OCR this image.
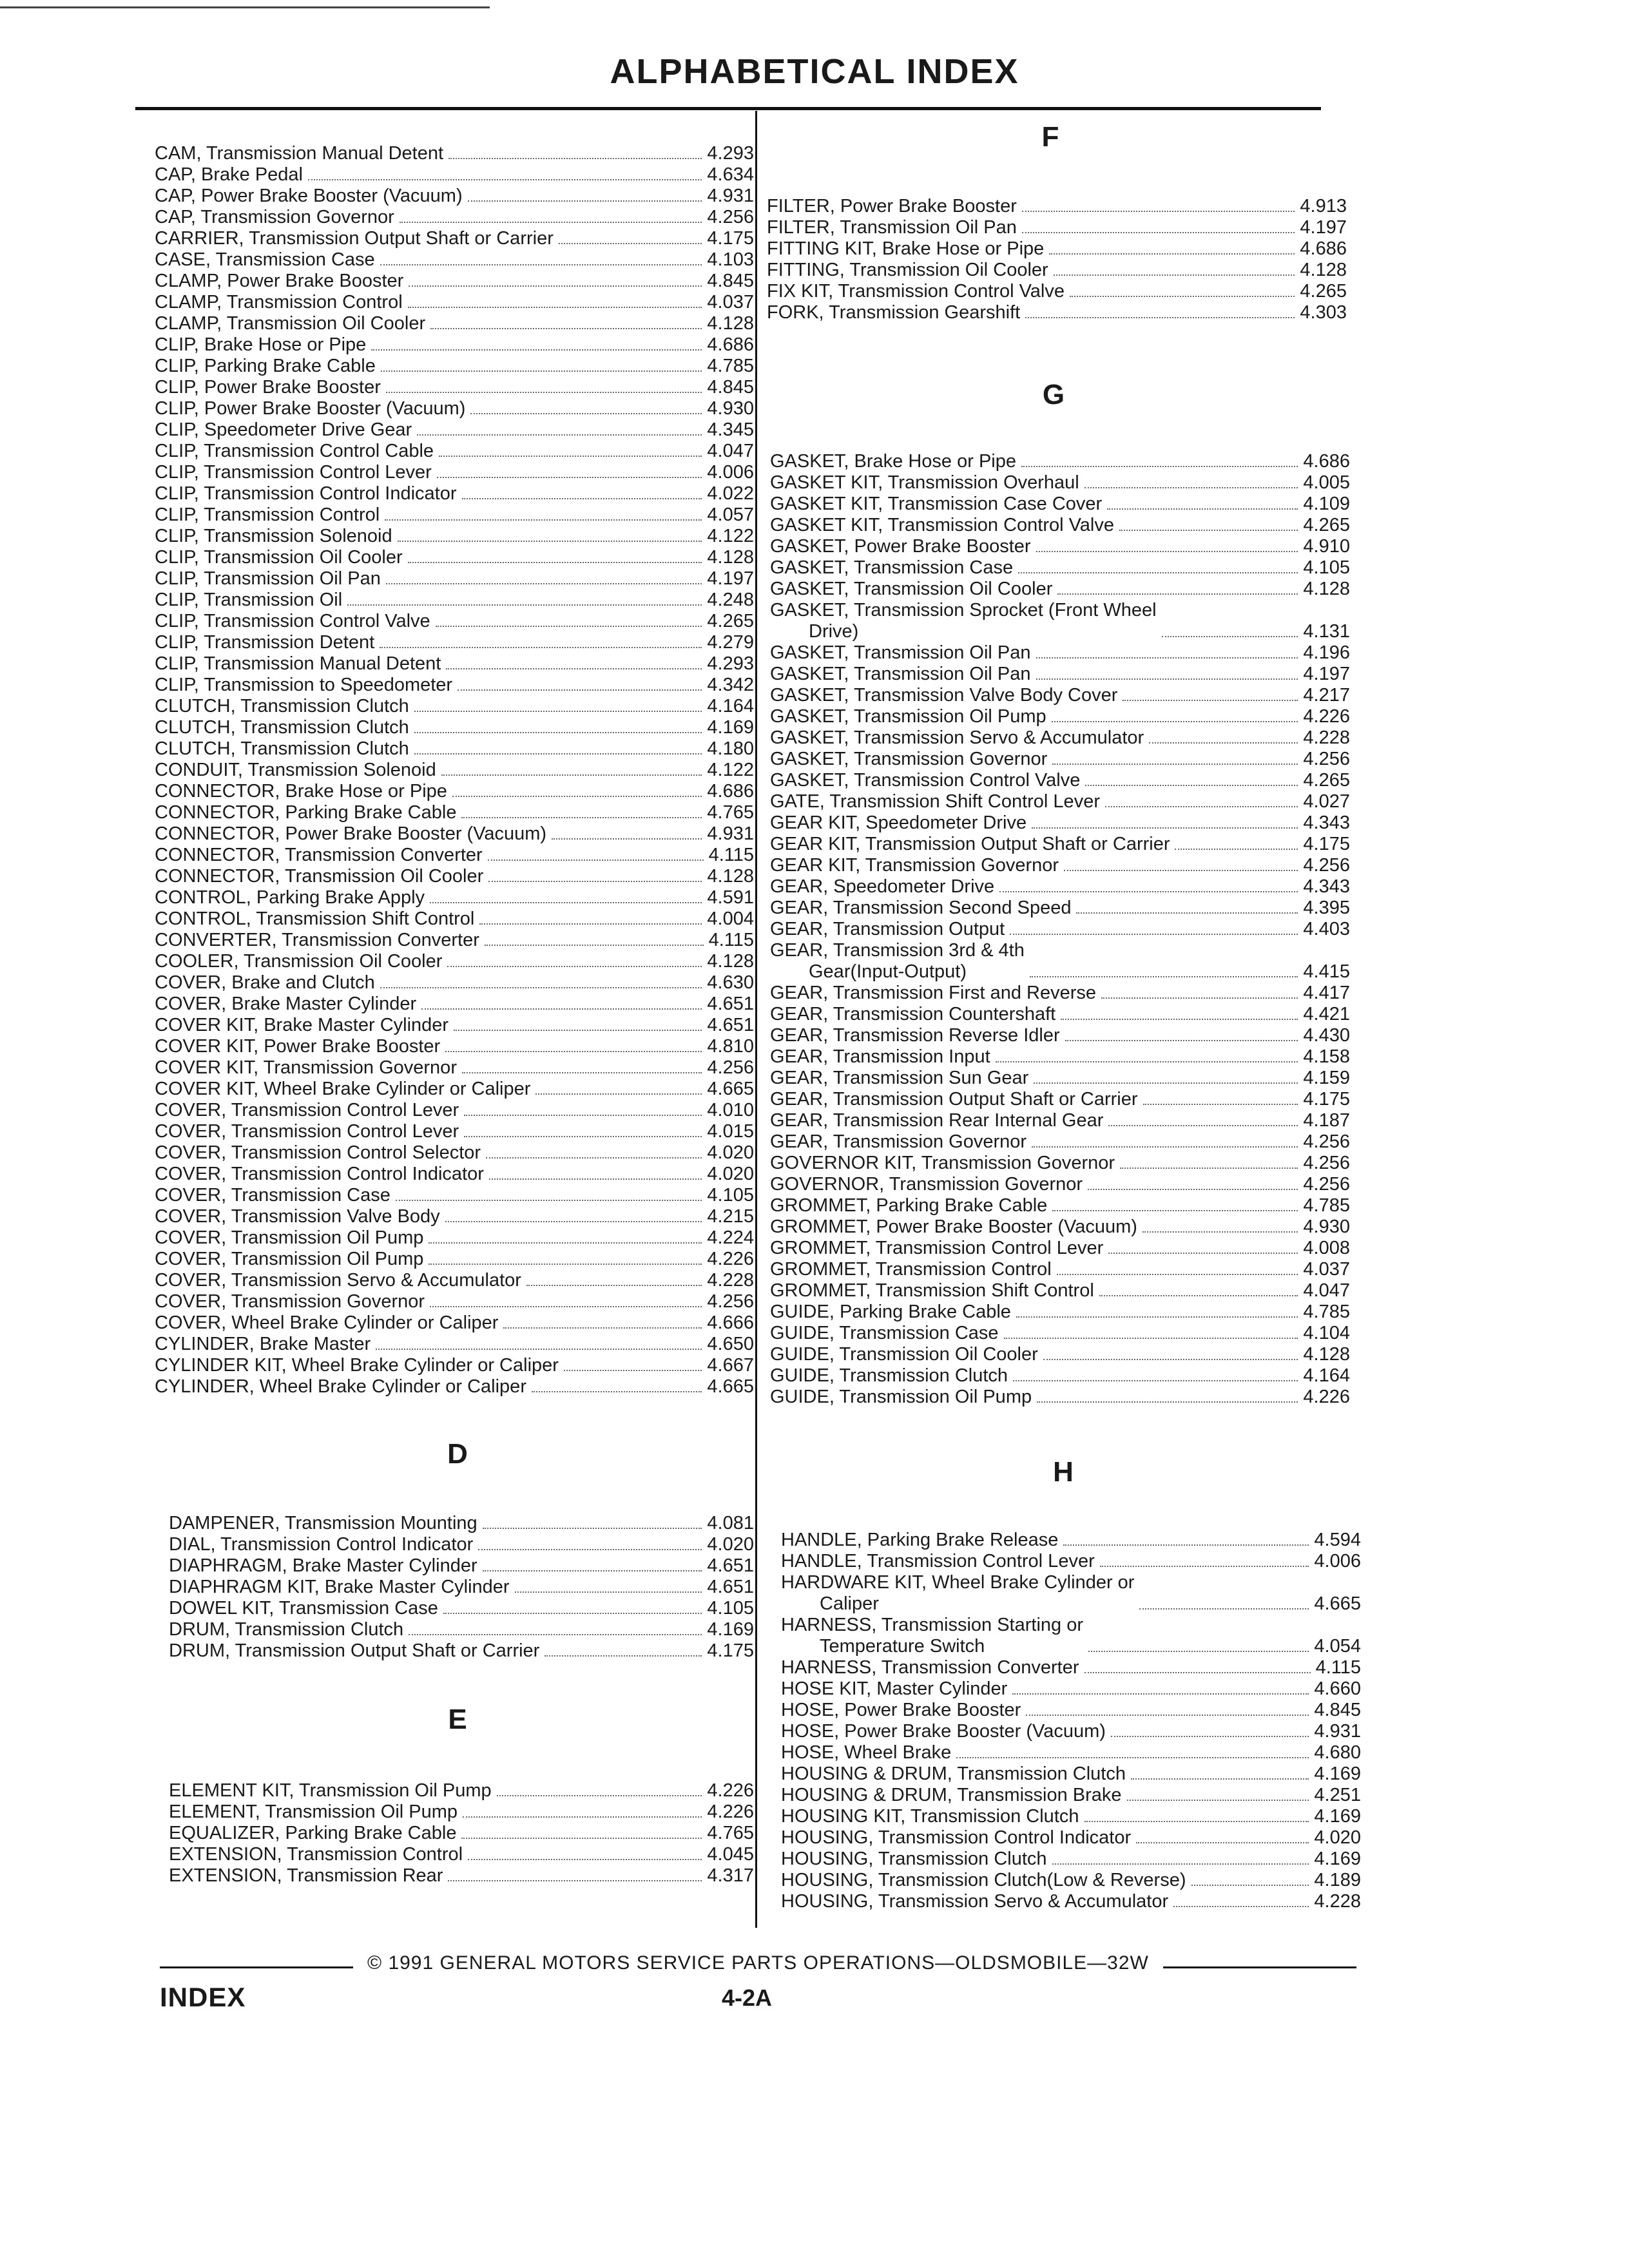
ALPHABETICAL INDEX
CAM, Transmission Manual Detent	4.293
CAP, Brake Pedal	4.634
CAP, Power Brake Booster (Vacuum)	4.931
CAP, Transmission Governor	4.256
CARRIER, Transmission Output Shaft or Carrier	4.175
CASE, Transmission Case	4.103
CLAMP, Power Brake Booster	4.845
CLAMP, Transmission Control	4.037
CLAMP, Transmission Oil Cooler	4.128
CLIP, Brake Hose or Pipe	4.686
CLIP, Parking Brake Cable	4.785
CLIP, Power Brake Booster	4.845
CLIP, Power Brake Booster (Vacuum)	4.930
CLIP, Speedometer Drive Gear	4.345
CLIP, Transmission Control Cable	4.047
CLIP, Transmission Control Lever	4.006
CLIP, Transmission Control Indicator	4.022
CLIP, Transmission Control	4.057
CLIP, Transmission Solenoid	4.122
CLIP, Transmission Oil Cooler	4.128
CLIP, Transmission Oil Pan	4.197
CLIP, Transmission Oil	4.248
CLIP, Transmission Control Valve	4.265
CLIP, Transmission Detent	4.279
CLIP, Transmission Manual Detent	4.293
CLIP, Transmission to Speedometer	4.342
CLUTCH, Transmission Clutch	4.164
CLUTCH, Transmission Clutch	4.169
CLUTCH, Transmission Clutch	4.180
CONDUIT, Transmission Solenoid	4.122
CONNECTOR, Brake Hose or Pipe	4.686
CONNECTOR, Parking Brake Cable	4.765
CONNECTOR, Power Brake Booster (Vacuum)	4.931
CONNECTOR, Transmission Converter	4.115
CONNECTOR, Transmission Oil Cooler	4.128
CONTROL, Parking Brake Apply	4.591
CONTROL, Transmission Shift Control	4.004
CONVERTER, Transmission Converter	4.115
COOLER, Transmission Oil Cooler	4.128
COVER, Brake and Clutch	4.630
COVER, Brake Master Cylinder	4.651
COVER KIT, Brake Master Cylinder	4.651
COVER KIT, Power Brake Booster	4.810
COVER KIT, Transmission Governor	4.256
COVER KIT, Wheel Brake Cylinder or Caliper	4.665
COVER, Transmission Control Lever	4.010
COVER, Transmission Control Lever	4.015
COVER, Transmission Control Selector	4.020
COVER, Transmission Control Indicator	4.020
COVER, Transmission Case	4.105
COVER, Transmission Valve Body	4.215
COVER, Transmission Oil Pump	4.224
COVER, Transmission Oil Pump	4.226
COVER, Transmission Servo & Accumulator	4.228
COVER, Transmission Governor	4.256
COVER, Wheel Brake Cylinder or Caliper	4.666
CYLINDER, Brake Master	4.650
CYLINDER KIT, Wheel Brake Cylinder or Caliper	4.667
CYLINDER, Wheel Brake Cylinder or Caliper	4.665
D
DAMPENER, Transmission Mounting	4.081
DIAL, Transmission Control Indicator	4.020
DIAPHRAGM, Brake Master Cylinder	4.651
DIAPHRAGM KIT, Brake Master Cylinder	4.651
DOWEL KIT, Transmission Case	4.105
DRUM, Transmission Clutch	4.169
DRUM, Transmission Output Shaft or Carrier	4.175
E
ELEMENT KIT, Transmission Oil Pump	4.226
ELEMENT, Transmission Oil Pump	4.226
EQUALIZER, Parking Brake Cable	4.765
EXTENSION, Transmission Control	4.045
EXTENSION, Transmission Rear	4.317
F
FILTER, Power Brake Booster	4.913
FILTER, Transmission Oil Pan	4.197
FITTING KIT, Brake Hose or Pipe	4.686
FITTING, Transmission Oil Cooler	4.128
FIX KIT, Transmission Control Valve	4.265
FORK, Transmission Gearshift	4.303
G
GASKET, Brake Hose or Pipe	4.686
GASKET KIT, Transmission Overhaul	4.005
GASKET KIT, Transmission Case Cover	4.109
GASKET KIT, Transmission Control Valve	4.265
GASKET, Power Brake Booster	4.910
GASKET, Transmission Case	4.105
GASKET, Transmission Oil Cooler	4.128
GASKET, Transmission Sprocket (Front Wheel
Drive)	4.131
GASKET, Transmission Oil Pan	4.196
GASKET, Transmission Oil Pan	4.197
GASKET, Transmission Valve Body Cover	4.217
GASKET, Transmission Oil Pump	4.226
GASKET, Transmission Servo & Accumulator	4.228
GASKET, Transmission Governor	4.256
GASKET, Transmission Control Valve	4.265
GATE, Transmission Shift Control Lever	4.027
GEAR KIT, Speedometer Drive	4.343
GEAR KIT, Transmission Output Shaft or Carrier	4.175
GEAR KIT, Transmission Governor	4.256
GEAR, Speedometer Drive	4.343
GEAR, Transmission Second Speed	4.395
GEAR, Transmission Output	4.403
GEAR, Transmission 3rd & 4th
Gear(Input-Output)	4.415
GEAR, Transmission First and Reverse	4.417
GEAR, Transmission Countershaft	4.421
GEAR, Transmission Reverse Idler	4.430
GEAR, Transmission Input	4.158
GEAR, Transmission Sun Gear	4.159
GEAR, Transmission Output Shaft or Carrier	4.175
GEAR, Transmission Rear Internal Gear	4.187
GEAR, Transmission Governor	4.256
GOVERNOR KIT, Transmission Governor	4.256
GOVERNOR, Transmission Governor	4.256
GROMMET, Parking Brake Cable	4.785
GROMMET, Power Brake Booster (Vacuum)	4.930
GROMMET, Transmission Control Lever	4.008
GROMMET, Transmission Control	4.037
GROMMET, Transmission Shift Control	4.047
GUIDE, Parking Brake Cable	4.785
GUIDE, Transmission Case	4.104
GUIDE, Transmission Oil Cooler	4.128
GUIDE, Transmission Clutch	4.164
GUIDE, Transmission Oil Pump	4.226
H
HANDLE, Parking Brake Release	4.594
HANDLE, Transmission Control Lever	4.006
HARDWARE KIT, Wheel Brake Cylinder or
Caliper	4.665
HARNESS, Transmission Starting or
Temperature Switch	4.054
HARNESS, Transmission Converter	4.115
HOSE KIT, Master Cylinder	4.660
HOSE, Power Brake Booster	4.845
HOSE, Power Brake Booster (Vacuum)	4.931
HOSE, Wheel Brake	4.680
HOUSING & DRUM, Transmission Clutch	4.169
HOUSING & DRUM, Transmission Brake	4.251
HOUSING KIT, Transmission Clutch	4.169
HOUSING, Transmission Control Indicator	4.020
HOUSING, Transmission Clutch	4.169
HOUSING, Transmission Clutch(Low & Reverse)	4.189
HOUSING, Transmission Servo & Accumulator	4.228
© 1991 GENERAL MOTORS SERVICE PARTS OPERATIONS—OLDSMOBILE—32W
INDEX	4-2A
